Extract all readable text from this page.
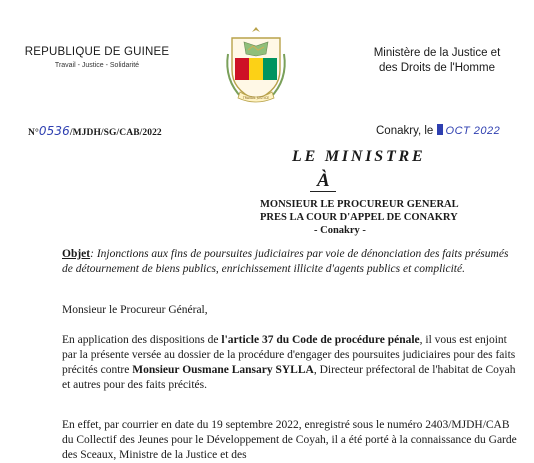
REPUBLIQUE DE GUINEE
Travail - Justice - Solidarité
TRAVAIL JUSTICE
Ministère de la Justice et
des Droits de l'Homme
N°0536/MJDH/SG/CAB/2022	Conakry, le OCT 2022
LE MINISTRE
À
MONSIEUR LE PROCUREUR GENERAL
PRES LA COUR D'APPEL DE CONAKRY
- Conakry -
Objet: Injonctions aux fins de poursuites judiciaires par voie de dénonciation des faits présumés de détournement de biens publics, enrichissement illicite d'agents publics et complicité.
Monsieur le Procureur Général,
En application des dispositions de l'article 37 du Code de procédure pénale, il vous est enjoint par la présente versée au dossier de la procédure d'engager des poursuites judiciaires pour des faits précités contre Monsieur Ousmane Lansary SYLLA, Directeur préfectoral de l'habitat de Coyah et autres pour des faits précités.
En effet, par courrier en date du 19 septembre 2022, enregistré sous le numéro 2403/MJDH/CAB du Collectif des Jeunes pour le Développement de Coyah, il a été porté à la connaissance du Garde des Sceaux, Ministre de la Justice et des
